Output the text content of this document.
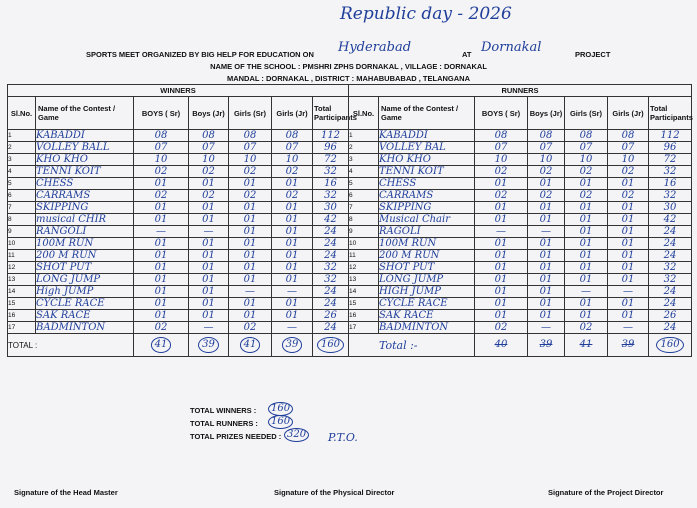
Republic day - 2026
SPORTS MEET ORGANIZED BY BIG HELP FOR EDUCATION ON Hyderabad	AT Dornakal	PROJECT
NAME OF THE SCHOOL : PMSHRI ZPHS DORNAKAL , VILLAGE : DORNAKAL
MANDAL : DORNAKAL , DISTRICT : MAHABUBABAD , TELANGANA
WINNERS						
Sl.No.	Name of the Contest / Game	BOYS ( Sr)	Boys (Jr)	Girls (Sr)	Girls (Jr)	Total Participants
1	KABADDI	08	08	08	08	112
2	VOLLEY BALL	07	07	07	07	96
3	KHO KHO	10	10	10	10	72
4	TENNI KOIT	02	02	02	02	32
5	CHESS	01	01	01	01	16
6	CARRAMS	02	02	02	02	32
7	SKIPPING	01	01	01	01	30
8	musical CHIR	01	01	01	01	42
9	RANGOLI	—	—	01	01	24
10	100M RUN	01	01	01	01	24
11	200 M RUN	01	01	01	01	24
12	SHOT PUT	01	01	01	01	32
13	LONG JUMP	01	01	01	01	32
14	High JUMP	01	01	—	—	24
15	CYCLE RACE	01	01	01	01	24
16	SAK RACE	01	01	01	01	26
17	BADMINTON	02	—	02	—	24
TOTAL :		41	39	41	39	160
RUNNERS						
Sl.No.	Name of the Contest / Game	BOYS ( Sr)	Boys (Jr)	Girls (Sr)	Girls (Jr)	Total Participants
1	KABADDI	08	08	08	08	112
2	VOLLEY BAL	07	07	07	07	96
3	KHO KHO	10	10	10	10	72
4	TENNI KOIT	02	02	02	02	32
5	CHESS	01	01	01	01	16
6	CARRAMS	02	02	02	02	32
7	SKIPPING	01	01	01	01	30
8	Musical Chair	01	01	01	01	42
9	RAGOLI	—	—	01	01	24
10	100M RUN	01	01	01	01	24
11	200 M RUN	01	01	01	01	24
12	SHOT PUT	01	01	01	01	32
13	LONG JUMP	01	01	01	01	32
14	HIGH JUMP	01	01	—	—	24
15	CYCLE RACE	01	01	01	01	24
16	SAK RACE	01	01	01	01	26
17	BADMINTON	02	—	02	—	24
Total :-		40	39	41	39	160
TOTAL WINNERS :	160
TOTAL RUNNERS :	160
TOTAL PRIZES NEEDED : 320 P.T.O.
Signature of the Head Master	Signature of the Physical Director	Signature of the Project Director
